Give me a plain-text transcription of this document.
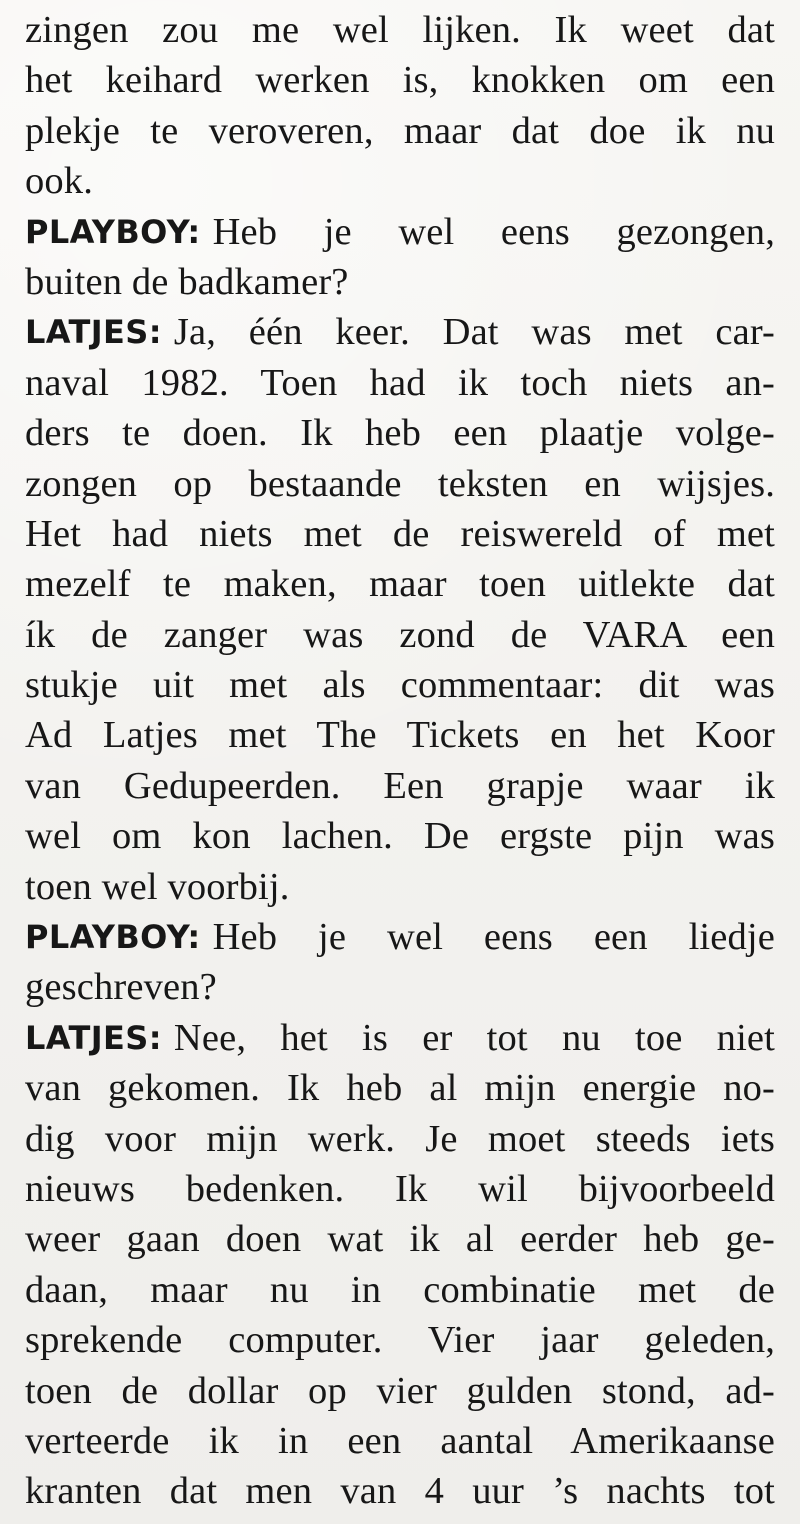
zingen zou me wel lijken. Ik weet dat
het keihard werken is, knokken om een
plekje te veroveren, maar dat doe ik nu
ook.
PLAYBOY: Heb je wel eens gezongen,
buiten de badkamer?
LATJES: Ja, één keer. Dat was met car-
naval 1982. Toen had ik toch niets an-
ders te doen. Ik heb een plaatje volge-
zongen op bestaande teksten en wijsjes.
Het had niets met de reiswereld of met
mezelf te maken, maar toen uitlekte dat
ík de zanger was zond de VARA een
stukje uit met als commentaar: dit was
Ad Latjes met The Tickets en het Koor
van Gedupeerden. Een grapje waar ik
wel om kon lachen. De ergste pijn was
toen wel voorbij.
PLAYBOY: Heb je wel eens een liedje
geschreven?
LATJES: Nee, het is er tot nu toe niet
van gekomen. Ik heb al mijn energie no-
dig voor mijn werk. Je moet steeds iets
nieuws bedenken. Ik wil bijvoorbeeld
weer gaan doen wat ik al eerder heb ge-
daan, maar nu in combinatie met de
sprekende computer. Vier jaar geleden,
toen de dollar op vier gulden stond, ad-
verteerde ik in een aantal Amerikaanse
kranten dat men van 4 uur ’s nachts tot
